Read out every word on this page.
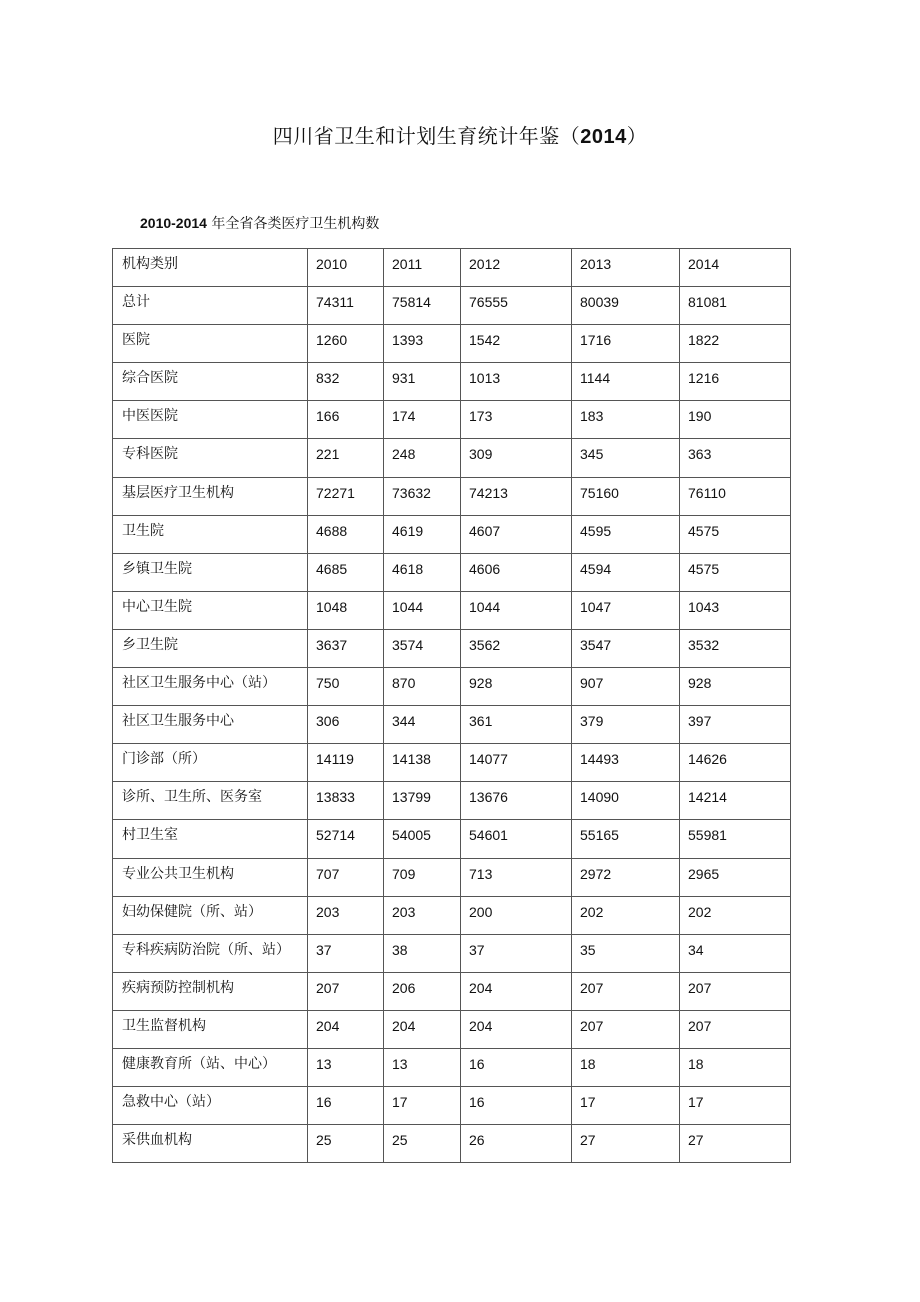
四川省卫生和计划生育统计年鉴（2014）
2010-2014 年全省各类医疗卫生机构数
机构类别	2010	2011	2012	2013	2014
总计	74311	75814	76555	80039	81081
医院	1260	1393	1542	1716	1822
综合医院	832	931	1013	1144	1216
中医医院	166	174	173	183	190
专科医院	221	248	309	345	363
基层医疗卫生机构	72271	73632	74213	75160	76110
卫生院	4688	4619	4607	4595	4575
乡镇卫生院	4685	4618	4606	4594	4575
中心卫生院	1048	1044	1044	1047	1043
乡卫生院	3637	3574	3562	3547	3532
社区卫生服务中心（站）	750	870	928	907	928
社区卫生服务中心	306	344	361	379	397
门诊部（所）	14119	14138	14077	14493	14626
诊所、卫生所、医务室	13833	13799	13676	14090	14214
村卫生室	52714	54005	54601	55165	55981
专业公共卫生机构	707	709	713	2972	2965
妇幼保健院（所、站）	203	203	200	202	202
专科疾病防治院（所、站）	37	38	37	35	34
疾病预防控制机构	207	206	204	207	207
卫生监督机构	204	204	204	207	207
健康教育所（站、中心）	13	13	16	18	18
急救中心（站）	16	17	16	17	17
采供血机构	25	25	26	27	27
